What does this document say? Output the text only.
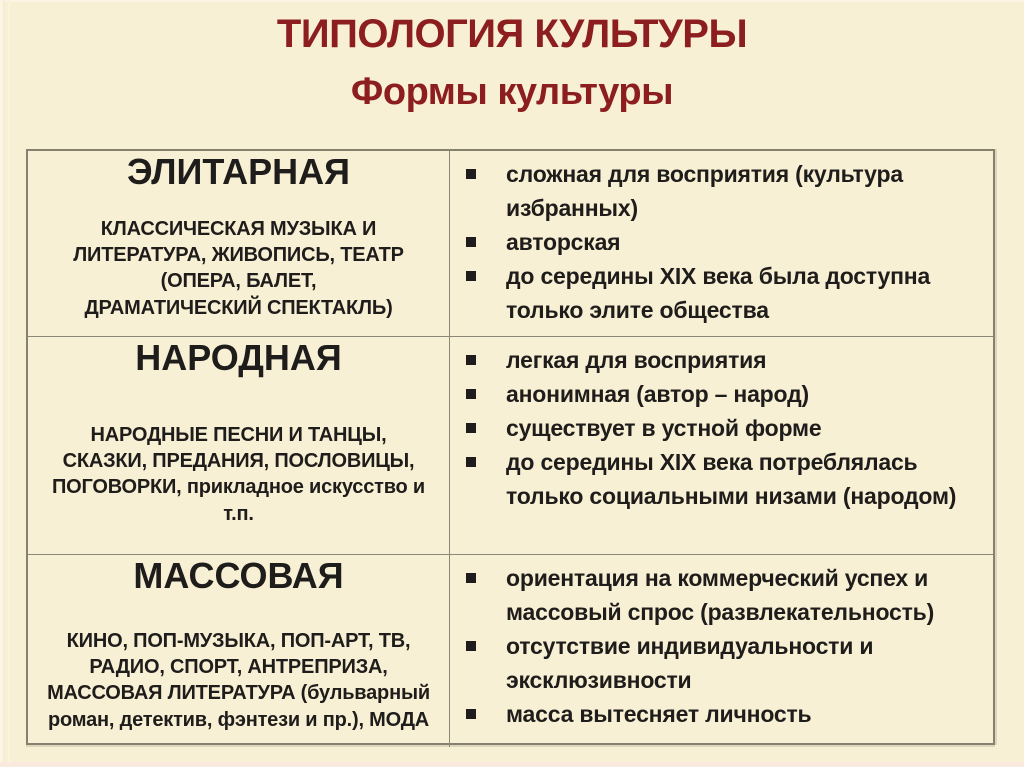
ТИПОЛОГИЯ КУЛЬТУРЫ
Формы культуры
ЭЛИТАРНАЯ
КЛАССИЧЕСКАЯ МУЗЫКА И ЛИТЕРАТУРА, ЖИВОПИСЬ, ТЕАТР (ОПЕРА, БАЛЕТ, ДРАМАТИЧЕСКИЙ СПЕКТАКЛЬ)
сложная для восприятия (культура избранных)
авторская
до середины XIX века была доступна только элите общества
НАРОДНАЯ
НАРОДНЫЕ ПЕСНИ И ТАНЦЫ, СКАЗКИ, ПРЕДАНИЯ, ПОСЛОВИЦЫ, ПОГОВОРКИ, прикладное искусство и т.п.
легкая для восприятия
анонимная (автор – народ)
существует в устной форме
до середины XIX века потреблялась только социальными низами (народом)
МАССОВАЯ
КИНО, ПОП-МУЗЫКА, ПОП-АРТ, ТВ, РАДИО, СПОРТ, АНТРЕПРИЗА, МАССОВАЯ ЛИТЕРАТУРА (бульварный роман, детектив, фэнтези и пр.), МОДА
ориентация на коммерческий успех и массовый спрос (развлекательность)
отсутствие индивидуальности и эксклюзивности
масса вытесняет личность
